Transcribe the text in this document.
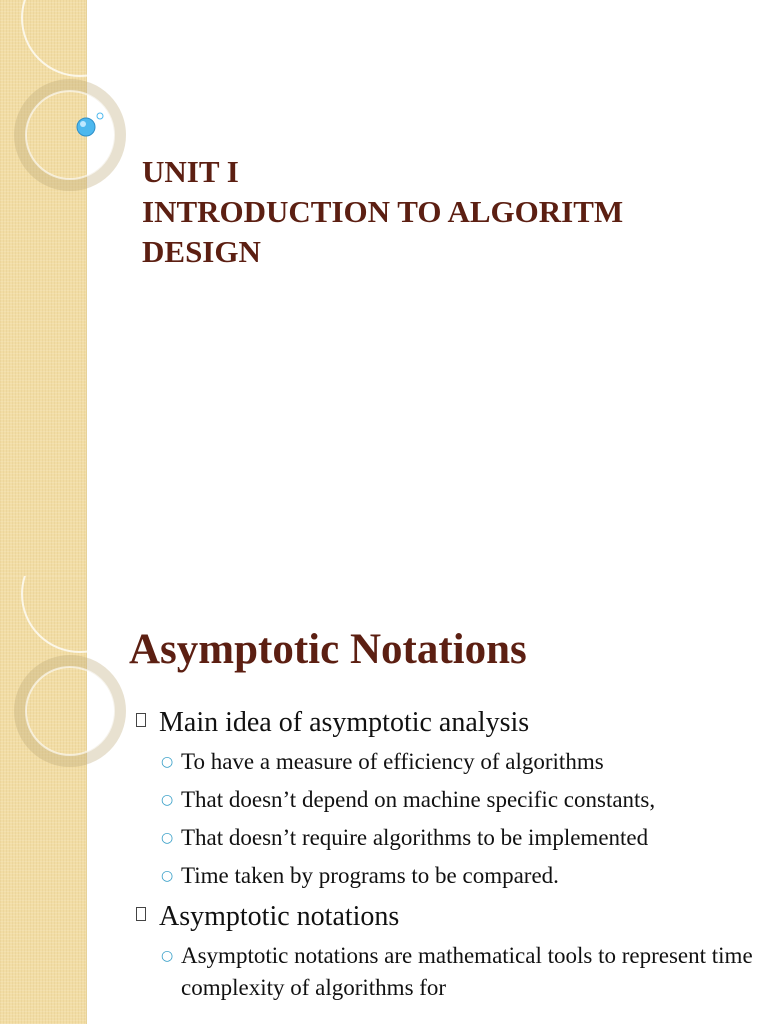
UNIT I
INTRODUCTION TO ALGORITM
DESIGN
Asymptotic Notations
Main idea of asymptotic analysis
○ To have a measure of efficiency of algorithms
○ That doesn’t depend on machine specific constants,
○ That doesn’t require algorithms to be implemented
○ Time taken by programs to be compared.
Asymptotic notations
○ Asymptotic notations are mathematical tools to represent time complexity of algorithms for
